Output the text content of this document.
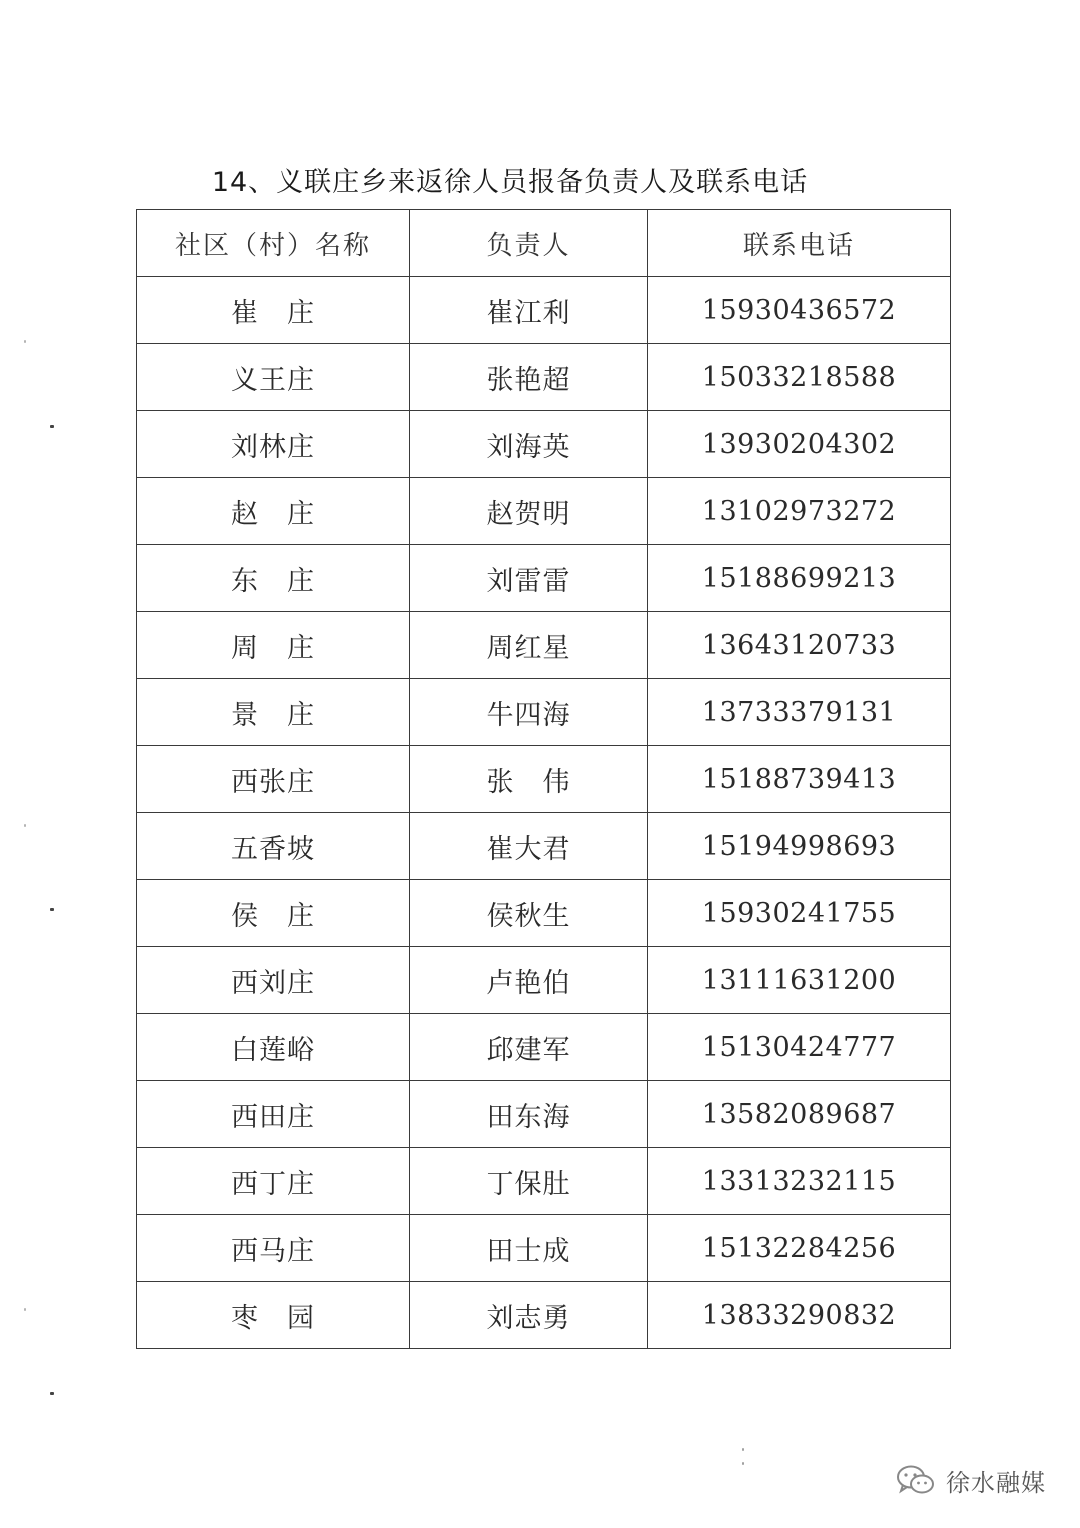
14、义联庄乡来返徐人员报备负责人及联系电话
社区（村）名称	负责人	联系电话
崔　庄	崔江利	15930436572
义王庄	张艳超	15033218588
刘林庄	刘海英	13930204302
赵　庄	赵贺明	13102973272
东　庄	刘雷雷	15188699213
周　庄	周红星	13643120733
景　庄	牛四海	13733379131
西张庄	张　伟	15188739413
五香坡	崔大君	15194998693
侯　庄	侯秋生	15930241755
西刘庄	卢艳伯	13111631200
白莲峪	邱建军	15130424777
西田庄	田东海	13582089687
西丁庄	丁保肚	13313232115
西马庄	田士成	15132284256
枣　园	刘志勇	13833290832
徐水融媒
